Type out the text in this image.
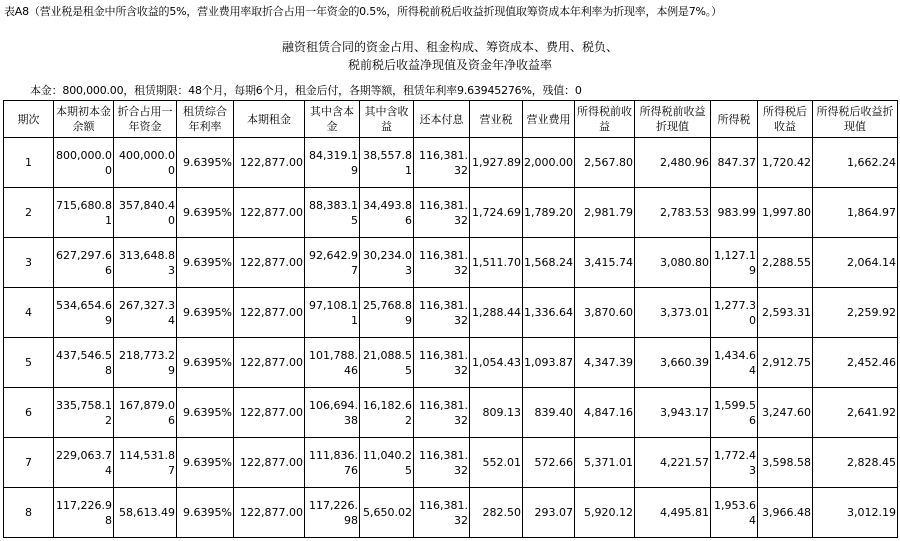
表A8（营业税是租金中所含收益的5%，营业费用率取折合占用一年资金的0.5%，所得税前税后收益折现值取筹资成本年利率为折现率，本例是7%。）
融资租赁合同的资金占用、租金构成、筹资成本、费用、税负、
税前税后收益净现值及资金年净收益率
本金：800,000.00，租赁期限：48个月，每期6个月，租金后付，各期等额，租赁年利率9.63945276%，残值：0
期次	本期初本金余额	折合占用一年资金	租赁综合年利率	本期租金	其中含本金	其中含收益	还本付息	营业税	营业费用	所得税前收益	所得税前收益折现值	所得税	所得税后收益	所得税后收益折现值
1	800,000.00	400,000.00	9.6395%	122,877.00	84,319.19	38,557.81	116,381.32	1,927.89	2,000.00	2,567.80	2,480.96	847.37	1,720.42	1,662.24
2	715,680.81	357,840.40	9.6395%	122,877.00	88,383.15	34,493.86	116,381.32	1,724.69	1,789.20	2,981.79	2,783.53	983.99	1,997.80	1,864.97
3	627,297.66	313,648.83	9.6395%	122,877.00	92,642.97	30,234.03	116,381.32	1,511.70	1,568.24	3,415.74	3,080.80	1,127.19	2,288.55	2,064.14
4	534,654.69	267,327.34	9.6395%	122,877.00	97,108.11	25,768.89	116,381.32	1,288.44	1,336.64	3,870.60	3,373.01	1,277.30	2,593.31	2,259.92
5	437,546.58	218,773.29	9.6395%	122,877.00	101,788.46	21,088.55	116,381.32	1,054.43	1,093.87	4,347.39	3,660.39	1,434.64	2,912.75	2,452.46
6	335,758.12	167,879.06	9.6395%	122,877.00	106,694.38	16,182.62	116,381.32	809.13	839.40	4,847.16	3,943.17	1,599.56	3,247.60	2,641.92
7	229,063.74	114,531.87	9.6395%	122,877.00	111,836.76	11,040.25	116,381.32	552.01	572.66	5,371.01	4,221.57	1,772.43	3,598.58	2,828.45
8	117,226.98	58,613.49	9.6395%	122,877.00	117,226.98	5,650.02	116,381.32	282.50	293.07	5,920.12	4,495.81	1,953.64	3,966.48	3,012.19
